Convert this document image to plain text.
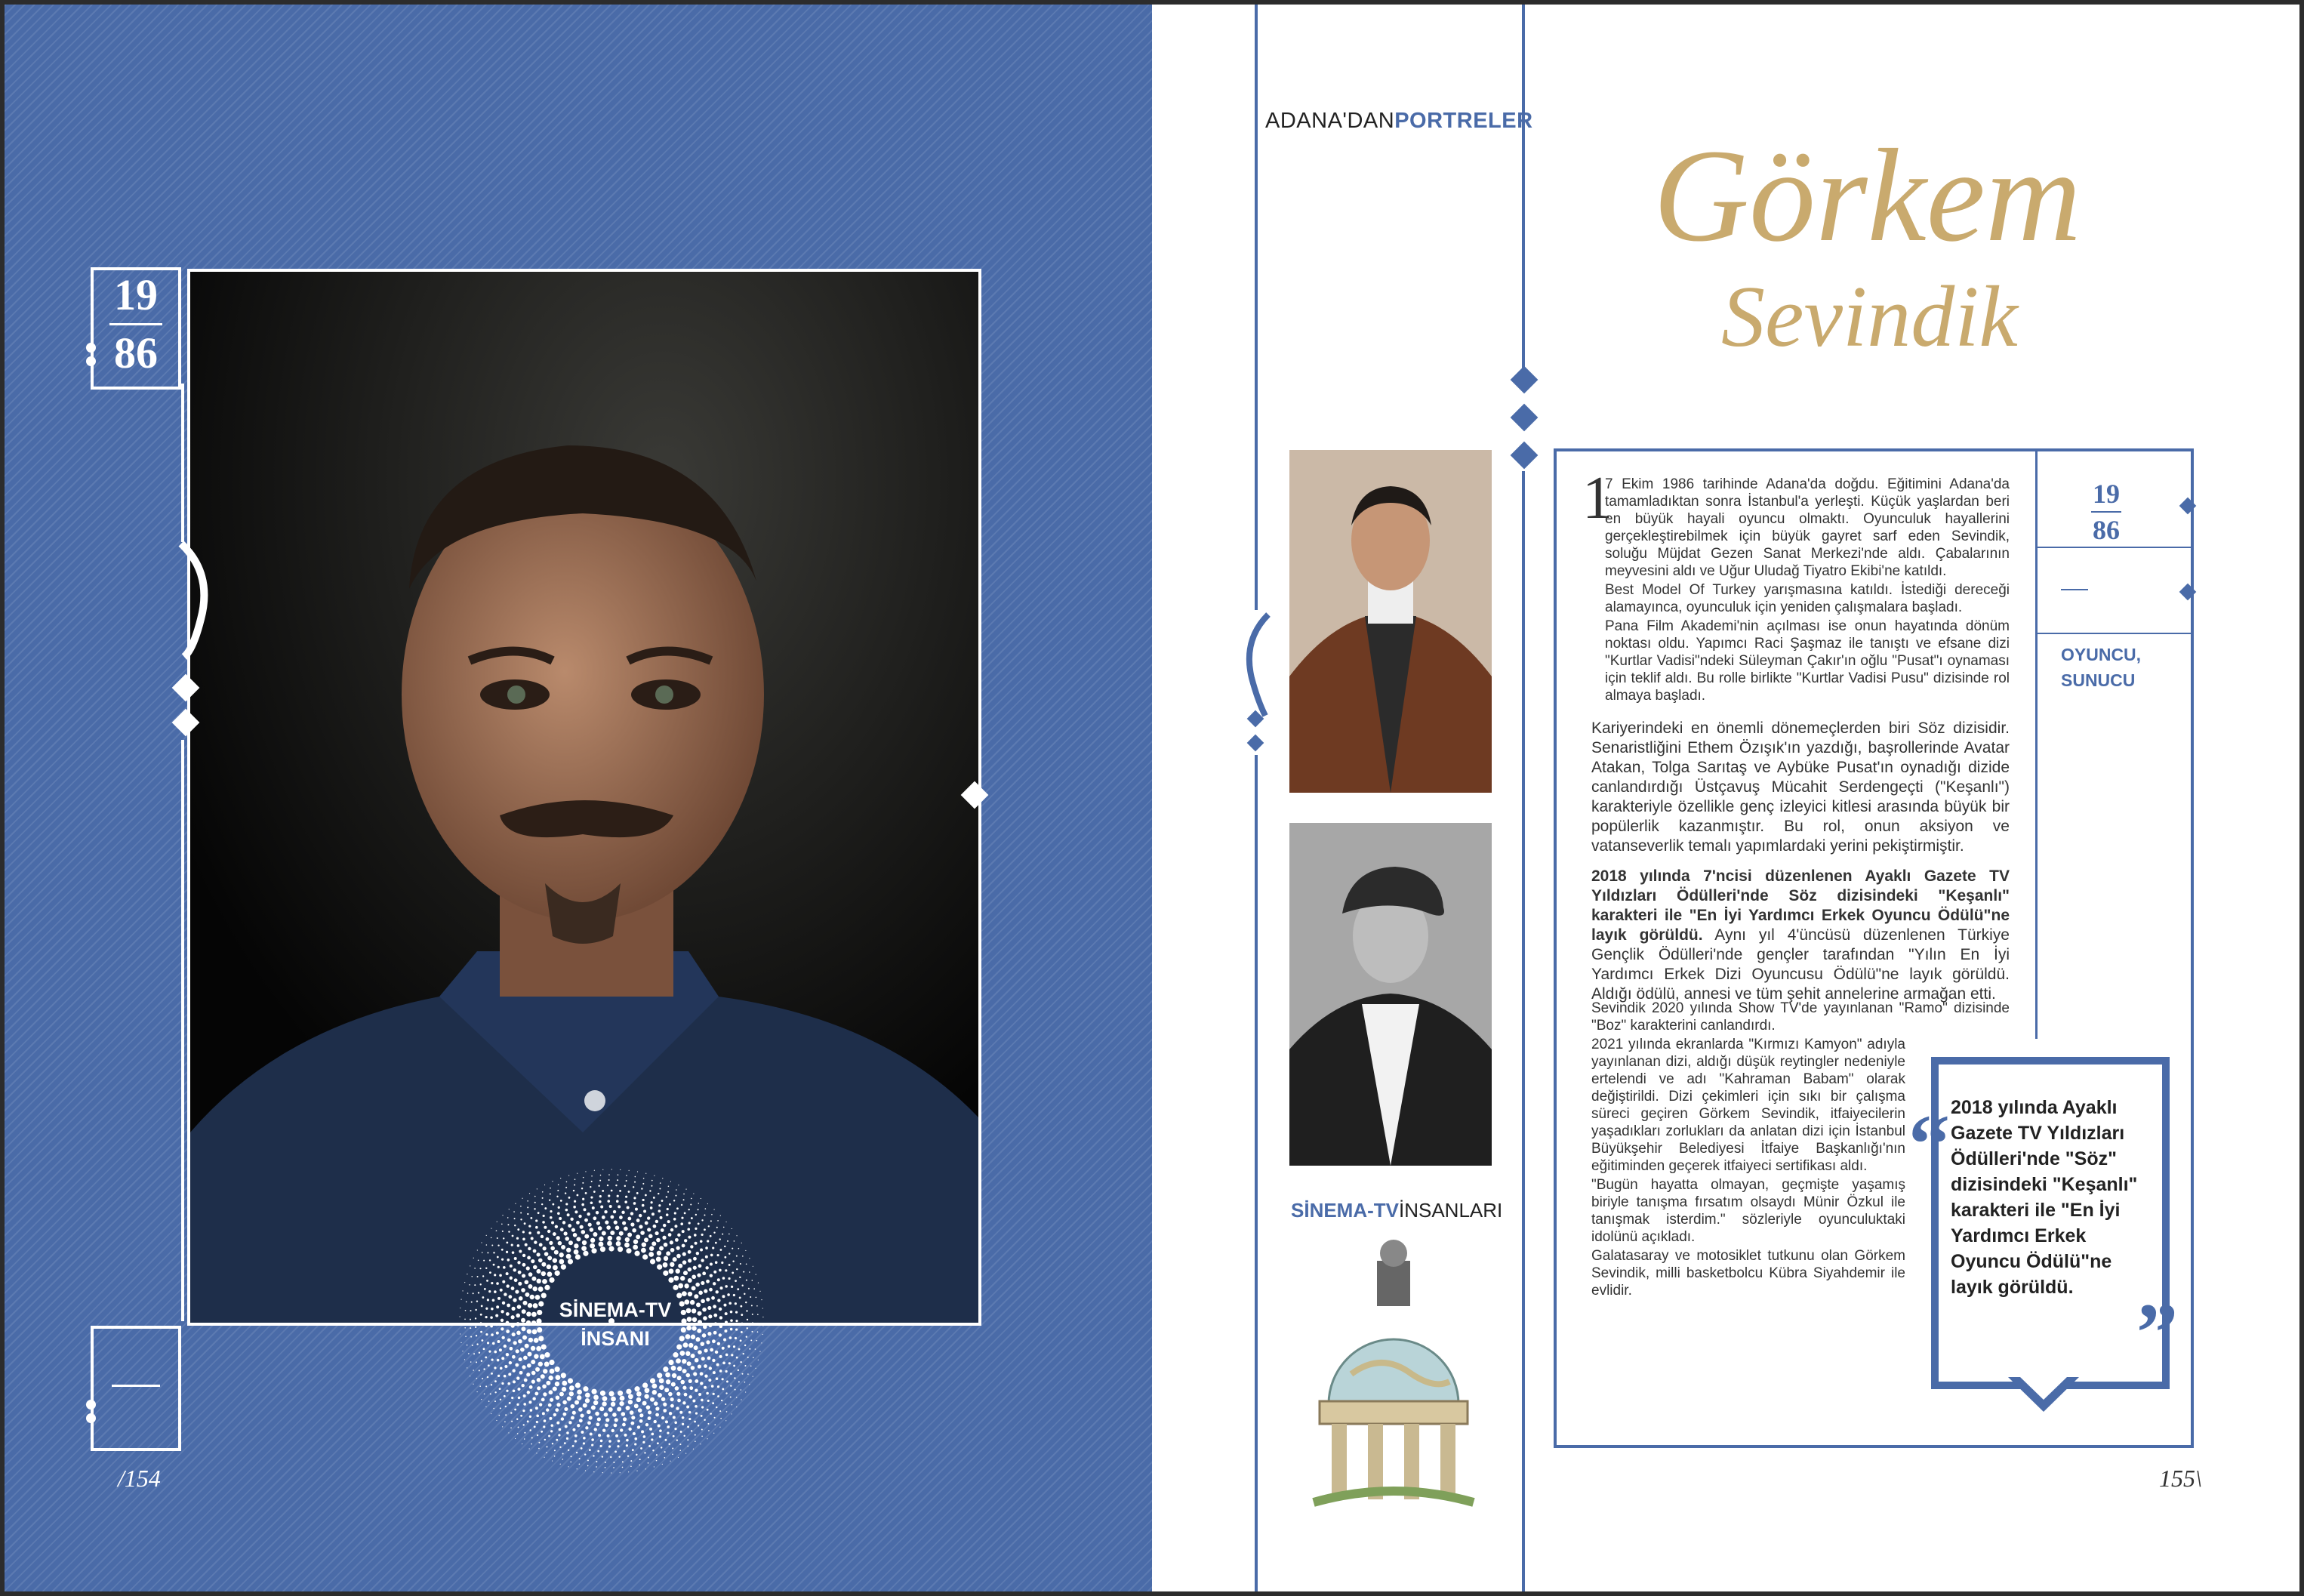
19
86
SİNEMA-TV
İNSANI
/154
ADANA'DANPORTRELER
Görkem
Sevindik
SİNEMA-TVİNSANLARI
1

7 Ekim 1986 tarihinde Adana'da doğdu. Eğitimini Adana'da tamamladıktan sonra İstanbul'a yerleşti. Küçük yaşlardan beri en büyük hayali oyuncu olmaktı. Oyunculuk hayallerini gerçekleştirebilmek için büyük gayret sarf eden Sevindik, soluğu Müjdat Gezen Sanat Merkezi'nde aldı. Çabalarının meyvesini aldı ve Uğur Uludağ Tiyatro Ekibi'ne katıldı.

Best Model Of Turkey yarışmasına katıldı. İstediği dereceği alamayınca, oyunculuk için yeniden çalışmalara başladı.

Pana Film Akademi'nin açılması ise onun hayatında dönüm noktası oldu. Yapımcı Raci Şaşmaz ile tanıştı ve efsane dizi "Kurtlar Vadisi"ndeki Süleyman Çakır'ın oğlu "Pusat"ı oynaması için teklif aldı. Bu rolle birlikte "Kurtlar Vadisi Pusu" dizisinde rol almaya başladı.

Kariyerindeki en önemli dönemeçlerden biri Söz dizisidir. Senaristliğini Ethem Özışık'ın yazdığı, başrollerinde Avatar Atakan, Tolga Sarıtaş ve Aybüke Pusat'ın oynadığı dizide canlandırdığı Üstçavuş Mücahit Serdengeçti ("Keşanlı") karakteriyle özellikle genç izleyici kitlesi arasında büyük bir popülerlik kazanmıştır. Bu rol, onun aksiyon ve vatanseverlik temalı yapımlardaki yerini pekiştirmiştir.

2018 yılında 7'ncisi düzenlenen Ayaklı Gazete TV Yıldızları Ödülleri'nde Söz dizisindeki "Keşanlı" karakteri ile "En İyi Yardımcı Erkek Oyuncu Ödülü"ne layık görüldü. Aynı yıl 4'üncüsü düzenlenen Türkiye Gençlik Ödülleri'nde gençler tarafından "Yılın En İyi Yardımcı Erkek Dizi Oyuncusu Ödülü"ne layık görüldü. Aldığı ödülü, annesi ve tüm şehit annelerine armağan etti.

Sevindik 2020 yılında Show TV'de yayınlanan "Ramo" dizisinde "Boz" karakterini canlandırdı.

2021 yılında ekranlarda "Kırmızı Kamyon" adıyla yayınlanan dizi, aldığı düşük reytingler nedeniyle ertelendi ve adı "Kahraman Babam" olarak değiştirildi. Dizi çekimleri için sıkı bir çalışma süreci geçiren Görkem Sevindik, itfaiyecilerin yaşadıkları zorlukları da anlatan dizi için İstanbul Büyükşehir Belediyesi İtfaiye Başkanlığı'nın eğitiminden geçerek itfaiyeci sertifikası aldı.

"Bugün hayatta olmayan, geçmişte yaşamış biriyle tanışma fırsatım olsaydı Münir Özkul ile tanışmak isterdim." sözleriyle oyunculuktaki idolünü açıkladı.

Galatasaray ve motosiklet tutkunu olan Görkem Sevindik, milli basketbolcu Kübra Siyahdemir ile evlidir.

19
86
OYUNCU, SUNUCU
“
”
2018 yılında Ayaklı Gazete TV Yıldızları Ödülleri'nde "Söz" dizisindeki "Keşanlı" karakteri ile "En İyi Yardımcı Erkek Oyuncu Ödülü"ne layık görüldü.
155\
